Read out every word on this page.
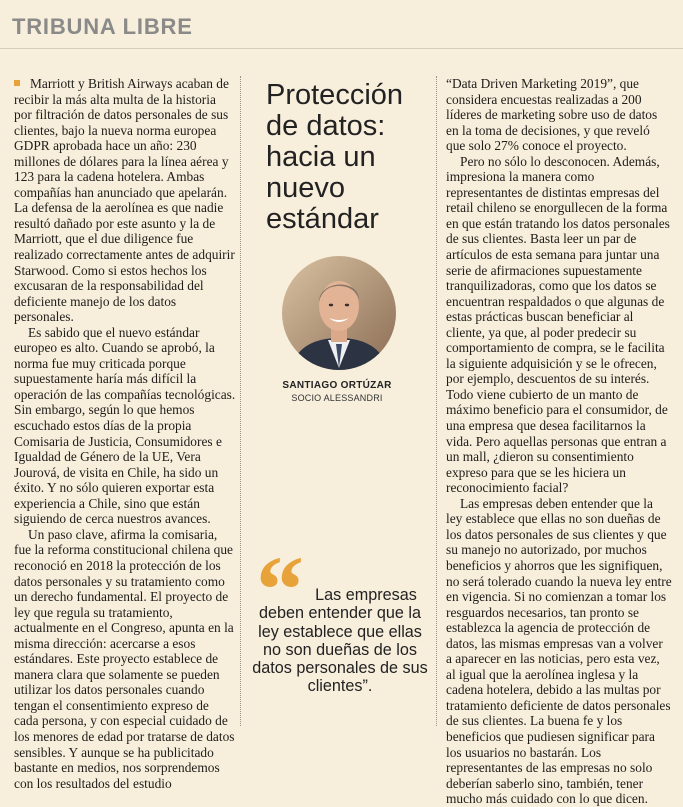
TRIBUNA LIBRE

Marriott y British Airways acaban de recibir la más alta multa de la historia por filtración de datos personales de sus clientes, bajo la nueva norma europea GDPR aprobada hace un año: 230 millones de dólares para la línea aérea y 123 para la cadena hotelera. Ambas compañías han anunciado que apelarán. La defensa de la aerolínea es que nadie resultó dañado por este asunto y la de Marriott, que el due diligence fue realizado correctamente antes de adquirir Starwood. Como si estos hechos los excusaran de la responsabilidad del deficiente manejo de los datos personales.

Es sabido que el nuevo estándar europeo es alto. Cuando se aprobó, la norma fue muy criticada porque supuestamente haría más difícil la operación de las compañías tecnológicas. Sin embargo, según lo que hemos escuchado estos días de la propia Comisaria de Justicia, Consumidores e Igualdad de Género de la UE, Vera Jourová, de visita en Chile, ha sido un éxito. Y no sólo quieren exportar esta experiencia a Chile, sino que están siguiendo de cerca nuestros avances.

Un paso clave, afirma la comisaria, fue la reforma constitucional chilena que reconoció en 2018 la protección de los datos personales y su tratamiento como un derecho fundamental. El proyecto de ley que regula su tratamiento, actualmente en el Congreso, apunta en la misma dirección: acercarse a esos estándares. Este proyecto establece de manera clara que solamente se pueden utilizar los datos personales cuando tengan el consentimiento expreso de cada persona, y con especial cuidado de los menores de edad por tratarse de datos sensibles. Y aunque se ha publicitado bastante en medios, nos sorprendemos con los resultados del estudio

Protección de datos: hacia un nuevo estándar
SANTIAGO ORTÚZAR
SOCIO ALESSANDRI
“ Las empresas deben entender que la ley establece que ellas no son dueñas de los datos personales de sus clientes”.

“Data Driven Marketing 2019”, que considera encuestas realizadas a 200 líderes de marketing sobre uso de datos en la toma de decisiones, y que reveló que solo 27% conoce el proyecto.

Pero no sólo lo desconocen. Además, impresiona la manera como representantes de distintas empresas del retail chileno se enorgullecen de la forma en que están tratando los datos personales de sus clientes. Basta leer un par de artículos de esta semana para juntar una serie de afirmaciones supuestamente tranquilizadoras, como que los datos se encuentran respaldados o que algunas de estas prácticas buscan beneficiar al cliente, ya que, al poder predecir su comportamiento de compra, se le facilita la siguiente adquisición y se le ofrecen, por ejemplo, descuentos de su interés. Todo viene cubierto de un manto de máximo beneficio para el consumidor, de una empresa que desea facilitarnos la vida. Pero aquellas personas que entran a un mall, ¿dieron su consentimiento expreso para que se les hiciera un reconocimiento facial?

Las empresas deben entender que la ley establece que ellas no son dueñas de los datos personales de sus clientes y que su manejo no autorizado, por muchos beneficios y ahorros que les signifiquen, no será tolerado cuando la nueva ley entre en vigencia. Si no comienzan a tomar los resguardos necesarios, tan pronto se establezca la agencia de protección de datos, las mismas empresas van a volver a aparecer en las noticias, pero esta vez, al igual que la aerolínea inglesa y la cadena hotelera, debido a las multas por tratamiento deficiente de datos personales de sus clientes. La buena fe y los beneficios que pudiesen significar para los usuarios no bastarán. Los representantes de las empresas no solo deberían saberlo sino, también, tener mucho más cuidado con lo que dicen.
